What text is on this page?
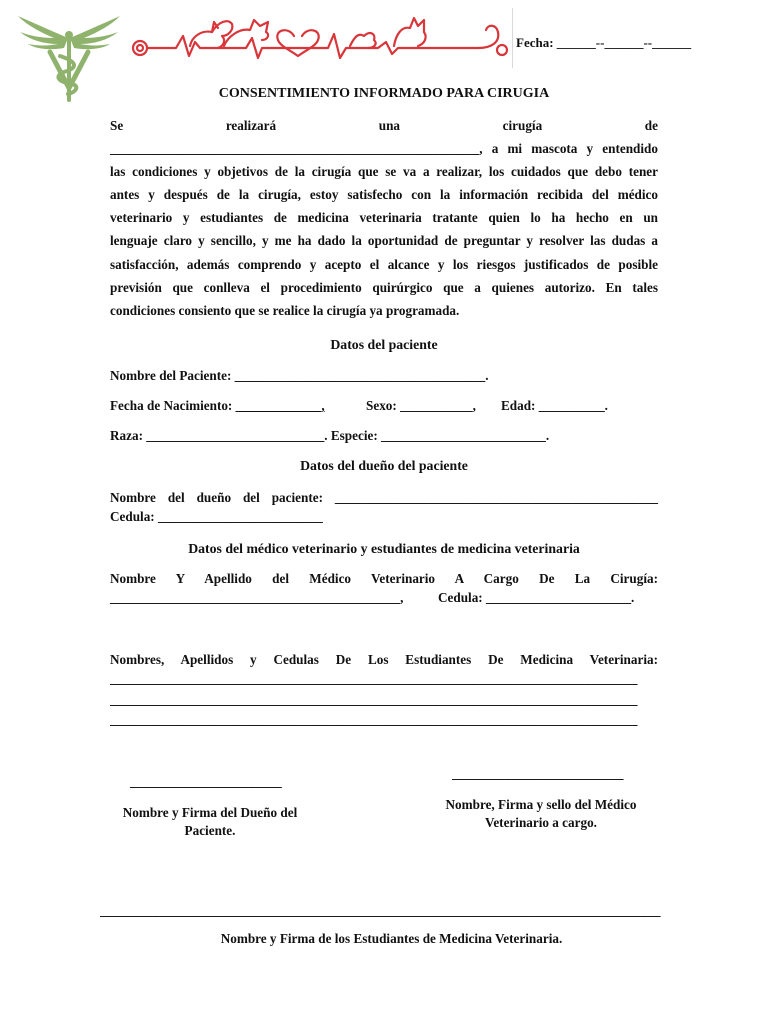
Fecha: ______--______--______
CONSENTIMIENTO INFORMADO PARA CIRUGIA
Se realizará una cirugía de
________________________________________________________, a mi mascota y entendido
las condiciones y objetivos de la cirugía que se va a realizar, los cuidados que debo tener
antes y después de la cirugía, estoy satisfecho con la información recibida del médico
veterinario y estudiantes de medicina veterinaria tratante quien lo ha hecho en un
lenguaje claro y sencillo, y me ha dado la oportunidad de preguntar y resolver las dudas a
satisfacción, además comprendo y acepto el alcance y los riesgos justificados de posible
previsión que conlleva el procedimiento quirúrgico que a quienes autorizo. En tales
condiciones consiento que se realice la cirugía ya programada.
Datos del paciente
Nombre del Paciente: ______________________________________.
Fecha de Nacimiento: _____________,	Sexo: ___________, Edad: __________.
Raza: ___________________________. Especie: _________________________.
Datos del dueño del paciente
Nombre del dueño del paciente: _________________________________________________
Cedula: _________________________
Datos del médico veterinario y estudiantes de medicina veterinaria
Nombre Y Apellido del Médico Veterinario A Cargo De La Cirugía:
____________________________________________,	Cedula: ______________________.
Nombres, Apellidos y Cedulas De Los Estudiantes De Medicina Veterinaria:
________________________________________________________________________________
________________________________________________________________________________
________________________________________________________________________________
_______________________
Nombre y Firma del Dueño del
Paciente.
__________________________
Nombre, Firma y sello del Médico
Veterinario a cargo.
_____________________________________________________________________________________
Nombre y Firma de los Estudiantes de Medicina Veterinaria.
